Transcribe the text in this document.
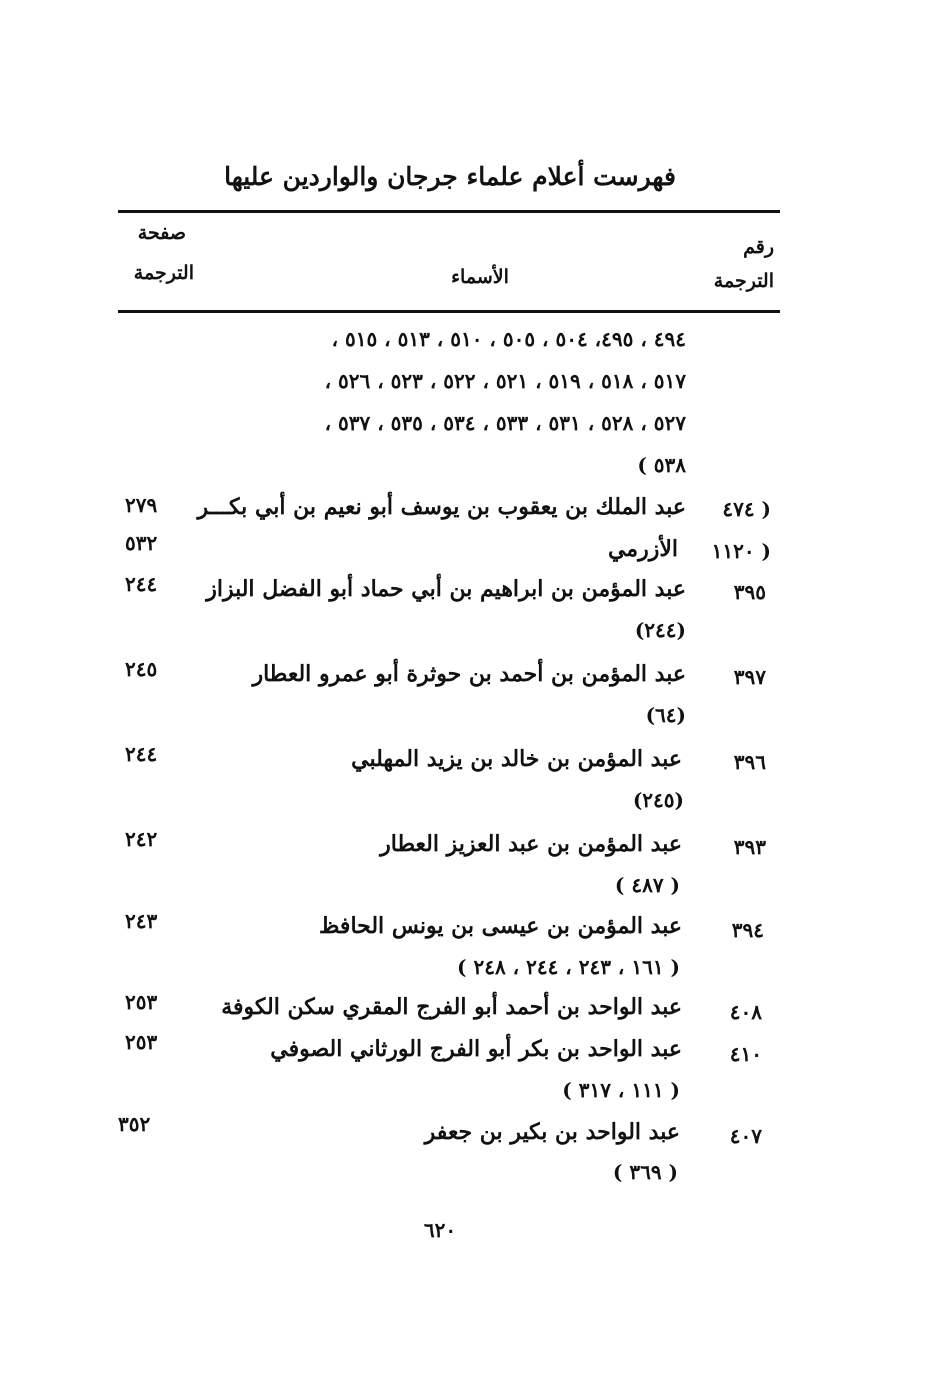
فهرست أعلام علماء جرجان والواردين عليها
رقم
الترجمة
الأسماء
صفحة
الترجمة
٤٩٤ ، ٤٩٥، ٥٠٤ ، ٥٠٥ ، ٥١٠ ، ٥١٣ ، ٥١٥ ،
٥١٧ ، ٥١٨ ، ٥١٩ ، ٥٢١ ، ٥٢٢ ، ٥٢٣ ، ٥٢٦ ،
٥٢٧ ، ٥٢٨ ، ٥٣١ ، ٥٣٣ ، ٥٣٤ ، ٥٣٥ ، ٥٣٧ ،
٥٣٨ )
( ٤٧٤
عبد الملك بن يعقوب بن يوسف أبو نعيم بن أبي بكـــر
٢٧٩
( ١١٢٠
الأزرمي
٥٣٢
٣٩٥
عبد المؤمن بن ابراهيم بن أبي حماد أبو الفضل البزاز
(٢٤٤)
٢٤٤
٣٩٧
عبد المؤمن بن أحمد بن حوثرة أبو عمرو العطار
(٦٤)
٢٤٥
٣٩٦
عبد المؤمن بن خالد بن يزيد المهلبي
(٢٤٥)
٢٤٤
٣٩٣
عبد المؤمن بن عبد العزيز العطار
( ٤٨٧ )
٢٤٢
٣٩٤
عبد المؤمن بن عيسى بن يونس الحافظ
( ١٦١ ، ٢٤٣ ، ٢٤٤ ، ٢٤٨ )
٢٤٣
٤٠٨
عبد الواحد بن أحمد أبو الفرج المقري سكن الكوفة
٢٥٣
٤١٠
عبد الواحد بن بكر أبو الفرج الورثاني الصوفي
( ١١١ ، ٣١٧ )
٢٥٣
٤٠٧
عبد الواحد بن بكير بن جعفر
( ٣٦٩ )
٣٥٢
٦٢٠
